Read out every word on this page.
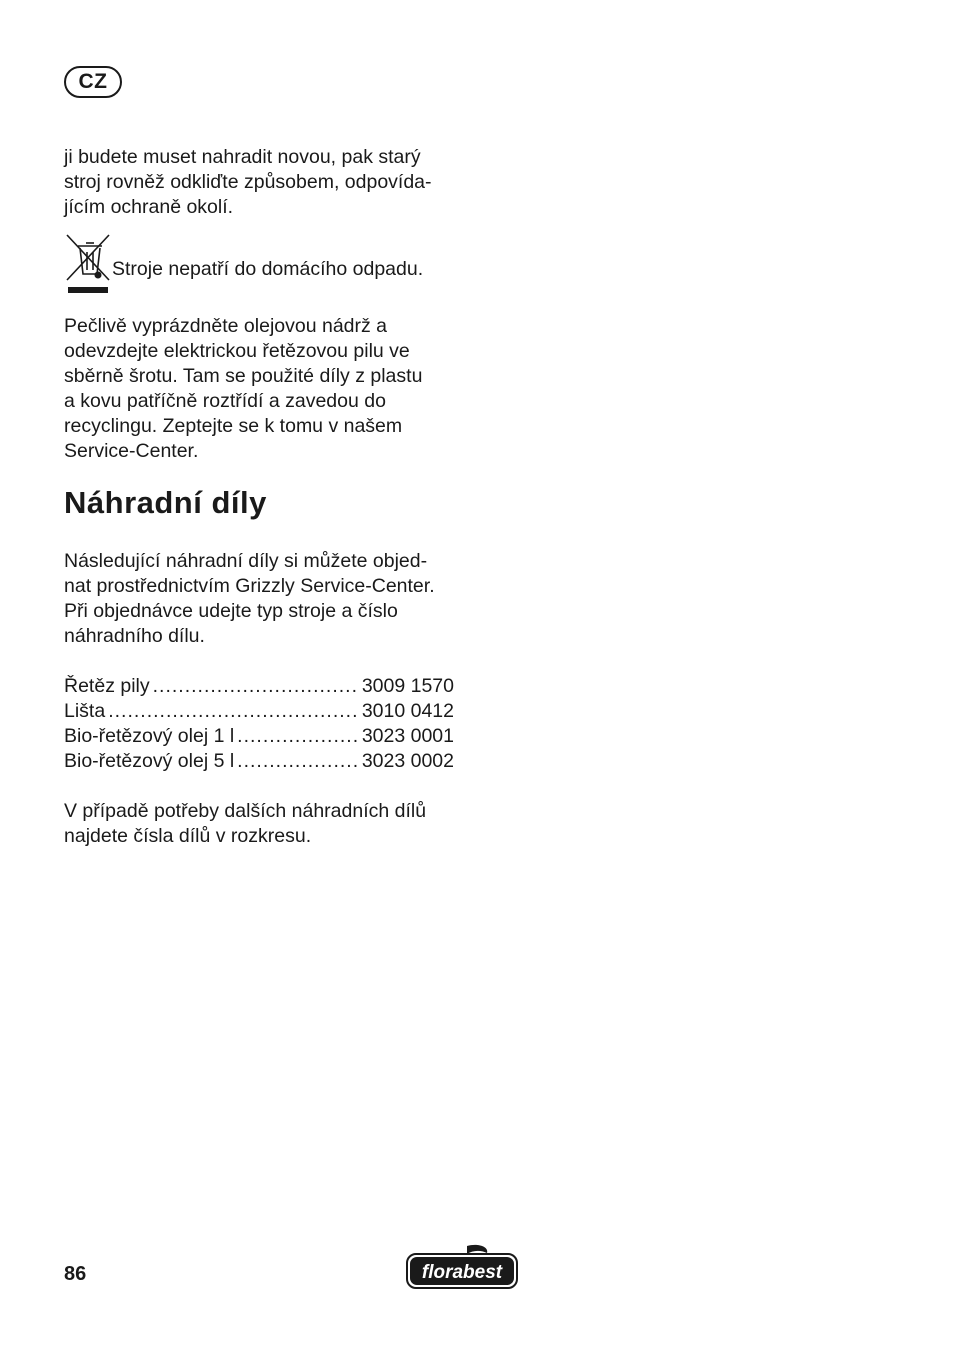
CZ

ji budete muset nahradit novou, pak starý

stroj rovněž odkliďte způsobem, odpovída-

jícím ochraně okolí.

Stroje nepatří do domácího odpadu.

Pečlivě vyprázdněte olejovou nádrž a

odevzdejte elektrickou řetězovou pilu ve

sběrně šrotu. Tam se použité díly z plastu

a kovu patříčně roztřídí a zavedou do

recyclingu. Zeptejte se k tomu v našem

Service-Center.

Náhradní díly

Následující náhradní díly si můžete objed-

nat prostřednictvím Grizzly Service-Center.

Při objednávce udejte typ stroje a číslo

náhradního dílu.

Řetěz pily .....	3009 1570
Lišta .....	3010 0412
Bio-řetězový olej 1 l .....	3023 0001
Bio-řetězový olej 5 l .....	3023 0002

V případě potřeby dalších náhradních dílů

najdete čísla dílů v rozkresu.

86	florabest
